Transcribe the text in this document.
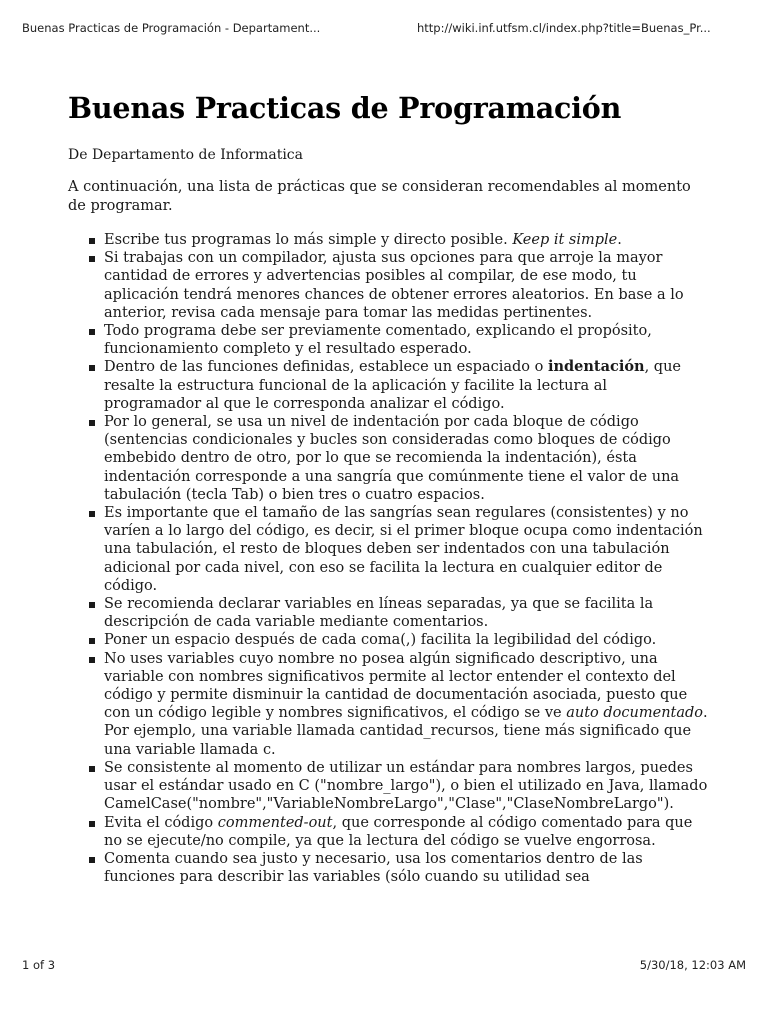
Buenas Practicas de Programación - Departament...	http://wiki.inf.utfsm.cl/index.php?title=Buenas_Pr...
Buenas Practicas de Programación
De Departamento de Informatica
A continuación, una lista de prácticas que se consideran recomendables al momento de programar.
Escribe tus programas lo más simple y directo posible. Keep it simple.
Si trabajas con un compilador, ajusta sus opciones para que arroje la mayor cantidad de errores y advertencias posibles al compilar, de ese modo, tu aplicación tendrá menores chances de obtener errores aleatorios. En base a lo anterior, revisa cada mensaje para tomar las medidas pertinentes.
Todo programa debe ser previamente comentado, explicando el propósito, funcionamiento completo y el resultado esperado.
Dentro de las funciones definidas, establece un espaciado o indentación, que resalte la estructura funcional de la aplicación y facilite la lectura al programador al que le corresponda analizar el código.
Por lo general, se usa un nivel de indentación por cada bloque de código (sentencias condicionales y bucles son consideradas como bloques de código embebido dentro de otro, por lo que se recomienda la indentación), ésta indentación corresponde a una sangría que comúnmente tiene el valor de una tabulación (tecla Tab) o bien tres o cuatro espacios.
Es importante que el tamaño de las sangrías sean regulares (consistentes) y no varíen a lo largo del código, es decir, si el primer bloque ocupa como indentación una tabulación, el resto de bloques deben ser indentados con una tabulación adicional por cada nivel, con eso se facilita la lectura en cualquier editor de código.
Se recomienda declarar variables en líneas separadas, ya que se facilita la descripción de cada variable mediante comentarios.
Poner un espacio después de cada coma(,) facilita la legibilidad del código.
No uses variables cuyo nombre no posea algún significado descriptivo, una variable con nombres significativos permite al lector entender el contexto del código y permite disminuir la cantidad de documentación asociada, puesto que con un código legible y nombres significativos, el código se ve auto documentado. Por ejemplo, una variable llamada cantidad_recursos, tiene más significado que una variable llamada c.
Se consistente al momento de utilizar un estándar para nombres largos, puedes usar el estándar usado en C ("nombre_largo"), o bien el utilizado en Java, llamado CamelCase("nombre","VariableNombreLargo","Clase","ClaseNombreLargo").
Evita el código commented-out, que corresponde al código comentado para que no se ejecute/no compile, ya que la lectura del código se vuelve engorrosa.
Comenta cuando sea justo y necesario, usa los comentarios dentro de las funciones para describir las variables (sólo cuando su utilidad sea
1 of 3	5/30/18, 12:03 AM
